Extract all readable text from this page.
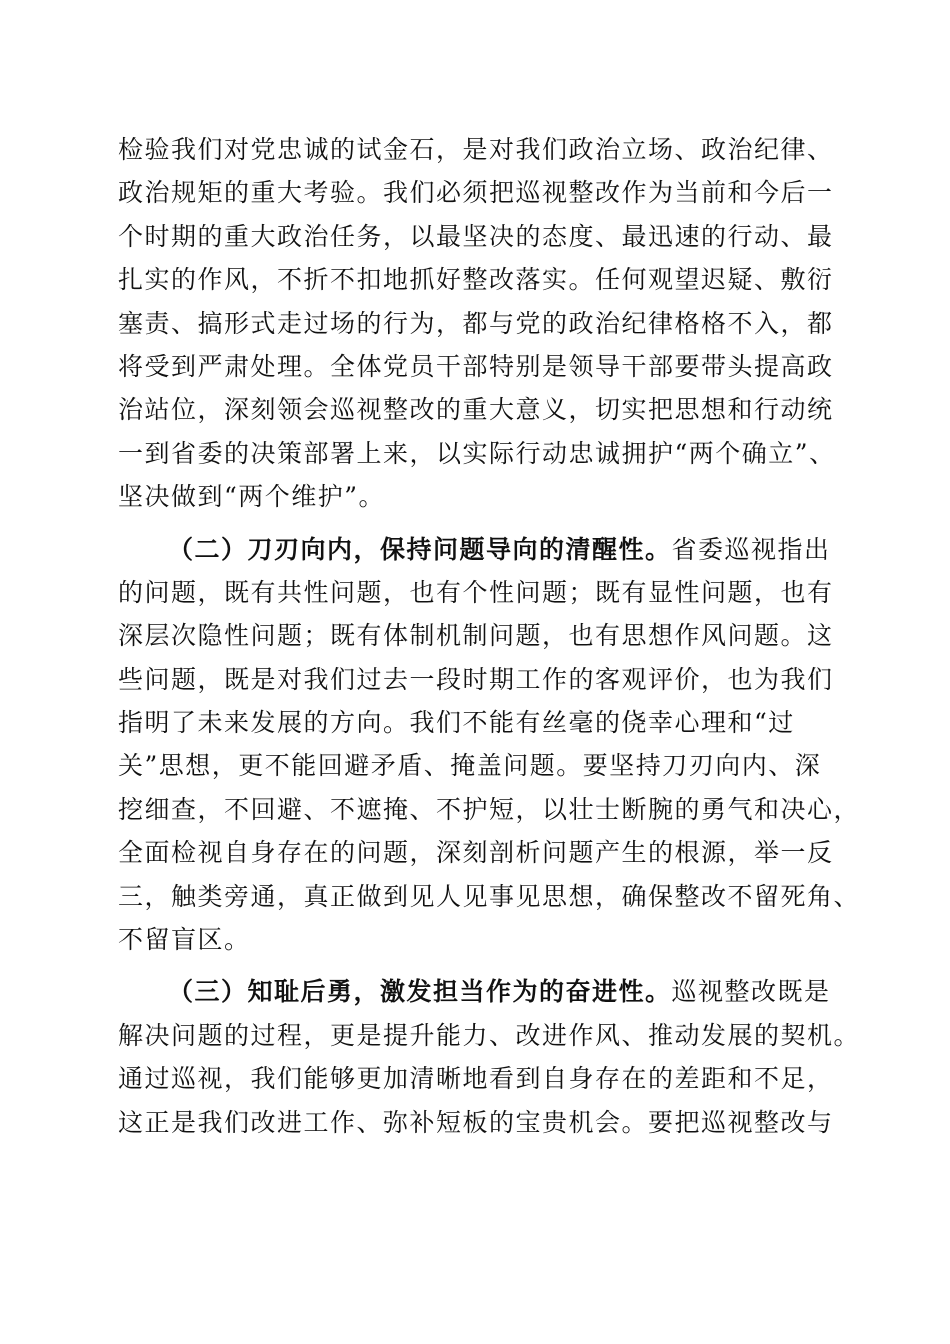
检验我们对党忠诚的试金石，是对我们政治立场、政治纪律、
政治规矩的重大考验。我们必须把巡视整改作为当前和今后一
个时期的重大政治任务，以最坚决的态度、最迅速的行动、最
扎实的作风，不折不扣地抓好整改落实。任何观望迟疑、敷衍
塞责、搞形式走过场的行为，都与党的政治纪律格格不入，都
将受到严肃处理。全体党员干部特别是领导干部要带头提高政
治站位，深刻领会巡视整改的重大意义，切实把思想和行动统
一到省委的决策部署上来，以实际行动忠诚拥护“两个确立”、
坚决做到“两个维护”。
（二）刀刃向内，保持问题导向的清醒性。省委巡视指出
的问题，既有共性问题，也有个性问题；既有显性问题，也有
深层次隐性问题；既有体制机制问题，也有思想作风问题。这
些问题，既是对我们过去一段时期工作的客观评价，也为我们
指明了未来发展的方向。我们不能有丝毫的侥幸心理和“过
关”思想，更不能回避矛盾、掩盖问题。要坚持刀刃向内、深
挖细查，不回避、不遮掩、不护短，以壮士断腕的勇气和决心，
全面检视自身存在的问题，深刻剖析问题产生的根源，举一反
三，触类旁通，真正做到见人见事见思想，确保整改不留死角、
不留盲区。
（三）知耻后勇，激发担当作为的奋进性。巡视整改既是
解决问题的过程，更是提升能力、改进作风、推动发展的契机。
通过巡视，我们能够更加清晰地看到自身存在的差距和不足，
这正是我们改进工作、弥补短板的宝贵机会。要把巡视整改与
